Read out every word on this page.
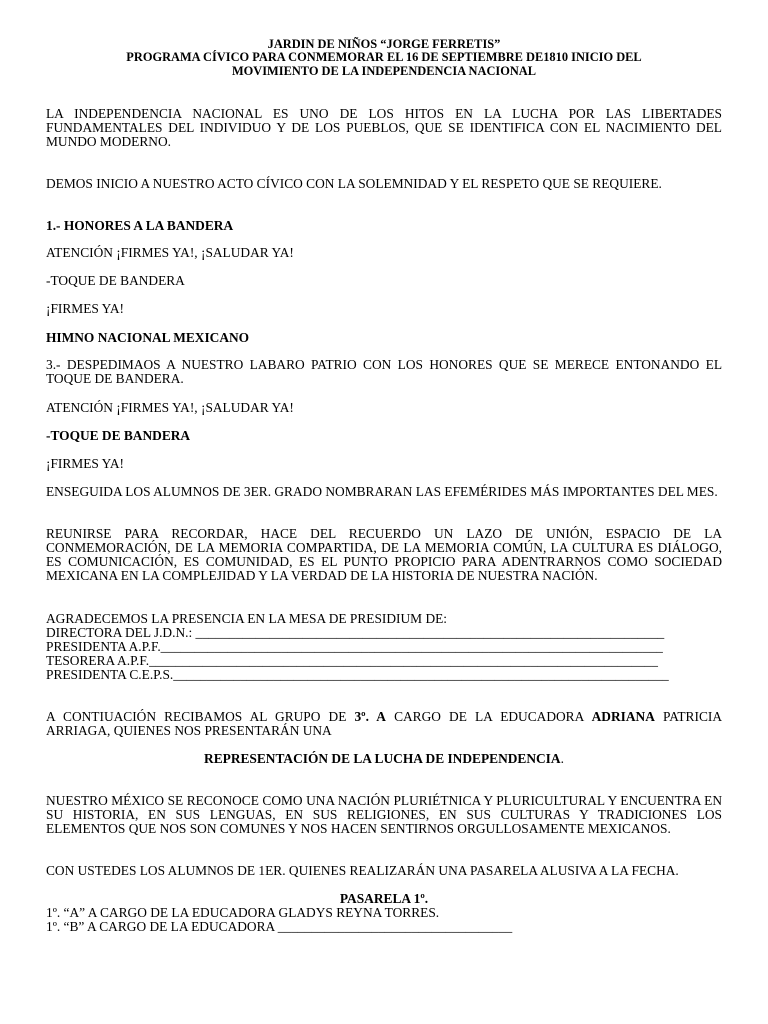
JARDIN DE NIÑOS “JORGE FERRETIS”

PROGRAMA CÍVICO PARA CONMEMORAR EL 16 DE SEPTIEMBRE DE1810 INICIO DEL

MOVIMIENTO DE LA INDEPENDENCIA NACIONAL

LA INDEPENDENCIA NACIONAL ES UNO DE LOS HITOS EN LA LUCHA POR LAS LIBERTADES FUNDAMENTALES DEL INDIVIDUO Y DE LOS PUEBLOS, QUE SE IDENTIFICA CON EL NACIMIENTO DEL MUNDO MODERNO.

DEMOS INICIO A NUESTRO ACTO CÍVICO CON LA SOLEMNIDAD Y EL RESPETO QUE SE REQUIERE.

1.- HONORES A LA BANDERA

ATENCIÓN ¡FIRMES YA!, ¡SALUDAR YA!

-TOQUE DE BANDERA

¡FIRMES YA!

HIMNO NACIONAL MEXICANO

3.- DESPEDIMAOS A NUESTRO LABARO PATRIO CON LOS HONORES QUE SE MERECE ENTONANDO EL TOQUE DE BANDERA.

ATENCIÓN ¡FIRMES YA!, ¡SALUDAR YA!

-TOQUE DE BANDERA

¡FIRMES YA!

ENSEGUIDA LOS ALUMNOS DE 3ER. GRADO NOMBRARAN LAS EFEMÉRIDES MÁS IMPORTANTES DEL MES.

REUNIRSE PARA RECORDAR, HACE DEL RECUERDO UN LAZO DE UNIÓN, ESPACIO DE LA CONMEMORACIÓN, DE LA MEMORIA COMPARTIDA, DE LA MEMORIA COMÚN, LA CULTURA ES DIÁLOGO, ES COMUNICACIÓN, ES COMUNIDAD, ES EL PUNTO PROPICIO PARA ADENTRARNOS COMO SOCIEDAD MEXICANA EN LA COMPLEJIDAD Y LA VERDAD DE LA HISTORIA DE NUESTRA NACIÓN.

AGRADECEMOS LA PRESENCIA EN LA MESA DE PRESIDIUM DE:

DIRECTORA DEL J.D.N.: ______________________________________________________________________

PRESIDENTA A.P.F.___________________________________________________________________________

TESORERA A.P.F.____________________________________________________________________________

PRESIDENTA C.E.P.S.__________________________________________________________________________

A CONTIUACIÓN RECIBAMOS AL GRUPO DE 3º. A CARGO DE LA EDUCADORA ADRIANA PATRICIA ARRIAGA, QUIENES NOS PRESENTARÁN UNA

REPRESENTACIÓN DE LA LUCHA DE INDEPENDENCIA.

NUESTRO MÉXICO SE RECONOCE COMO UNA NACIÓN PLURIÉTNICA Y PLURICULTURAL Y ENCUENTRA EN SU HISTORIA, EN SUS LENGUAS, EN SUS RELIGIONES, EN SUS CULTURAS Y TRADICIONES LOS ELEMENTOS QUE NOS SON COMUNES Y NOS HACEN SENTIRNOS ORGULLOSAMENTE MEXICANOS.

CON USTEDES LOS ALUMNOS DE 1ER. QUIENES REALIZARÁN UNA PASARELA ALUSIVA A LA FECHA.

PASARELA 1º.

1º. “A” A CARGO DE LA EDUCADORA GLADYS REYNA TORRES.

1º. “B” A CARGO DE LA EDUCADORA ___________________________________
